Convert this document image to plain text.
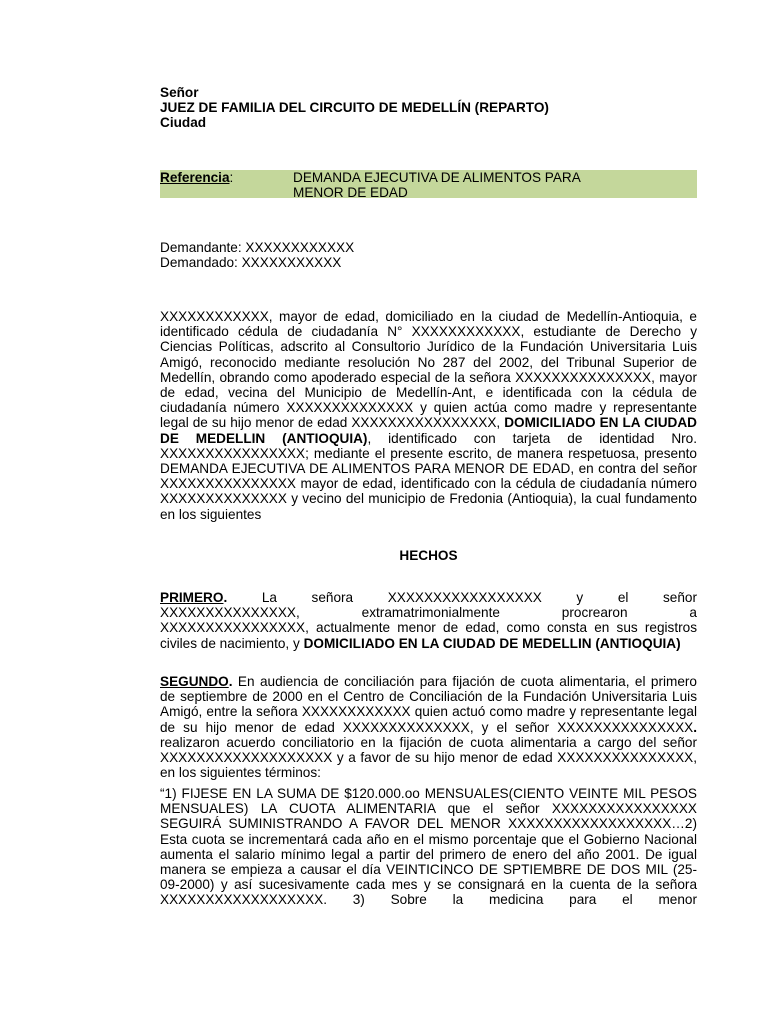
Señor
JUEZ DE FAMILIA DEL CIRCUITO DE MEDELLÍN (REPARTO)
Ciudad
Referencia:	DEMANDA EJECUTIVA DE ALIMENTOS PARA
MENOR DE EDAD
Demandante: XXXXXXXXXXXX
Demandado: XXXXXXXXXXX
XXXXXXXXXXXX, mayor de edad, domiciliado en la ciudad de Medellín-Antioquia, e identificado cédula de ciudadanía N° XXXXXXXXXXXX, estudiante de Derecho y Ciencias Políticas, adscrito al Consultorio Jurídico de la Fundación Universitaria Luis Amigó, reconocido mediante resolución No 287 del 2002, del Tribunal Superior de Medellín, obrando como apoderado especial de la señora XXXXXXXXXXXXXXX, mayor de edad, vecina del Municipio de Medellín-Ant, e identificada con la cédula de ciudadanía número XXXXXXXXXXXXXX y quien actúa como madre y representante legal de su hijo menor de edad XXXXXXXXXXXXXXXX, DOMICILIADO EN LA CIUDAD DE MEDELLIN (ANTIOQUIA), identificado con tarjeta de identidad Nro. XXXXXXXXXXXXXXXX; mediante el presente escrito, de manera respetuosa, presento DEMANDA EJECUTIVA DE ALIMENTOS PARA MENOR DE EDAD, en contra del señor XXXXXXXXXXXXXXX mayor de edad, identificado con la cédula de ciudadanía número XXXXXXXXXXXXXX y vecino del municipio de Fredonia (Antioquia), la cual fundamento en los siguientes
HECHOS
PRIMERO. La señora XXXXXXXXXXXXXXXXX y el señor
XXXXXXXXXXXXXXX, extramatrimonialmente procrearon a
XXXXXXXXXXXXXXXX, actualmente menor de edad, como consta en sus registros civiles de nacimiento, y DOMICILIADO EN LA CIUDAD DE MEDELLIN (ANTIOQUIA)
SEGUNDO. En audiencia de conciliación para fijación de cuota alimentaria, el primero de septiembre de 2000 en el Centro de Conciliación de la Fundación Universitaria Luis Amigó, entre la señora XXXXXXXXXXXX quien actuó como madre y representante legal de su hijo menor de edad XXXXXXXXXXXXXX, y el señor XXXXXXXXXXXXXXX. realizaron acuerdo conciliatorio en la fijación de cuota alimentaria a cargo del señor XXXXXXXXXXXXXXXXXXX y a favor de su hijo menor de edad XXXXXXXXXXXXXXX, en los siguientes términos:
“1) FIJESE EN LA SUMA DE $120.000.oo MENSUALES(CIENTO VEINTE MIL PESOS MENSUALES) LA CUOTA ALIMENTARIA que el señor XXXXXXXXXXXXXXXX SEGUIRÁ SUMINISTRANDO A FAVOR DEL MENOR XXXXXXXXXXXXXXXXXX…2) Esta cuota se incrementará cada año en el mismo porcentaje que el Gobierno Nacional aumenta el salario mínimo legal a partir del primero de enero del año 2001. De igual manera se empieza a causar el día VEINTICINCO DE SPTIEMBRE DE DOS MIL (25-09-2000) y así sucesivamente cada mes y se consignará en la cuenta de la señora XXXXXXXXXXXXXXXXXX. 3) Sobre la medicina para el menor
